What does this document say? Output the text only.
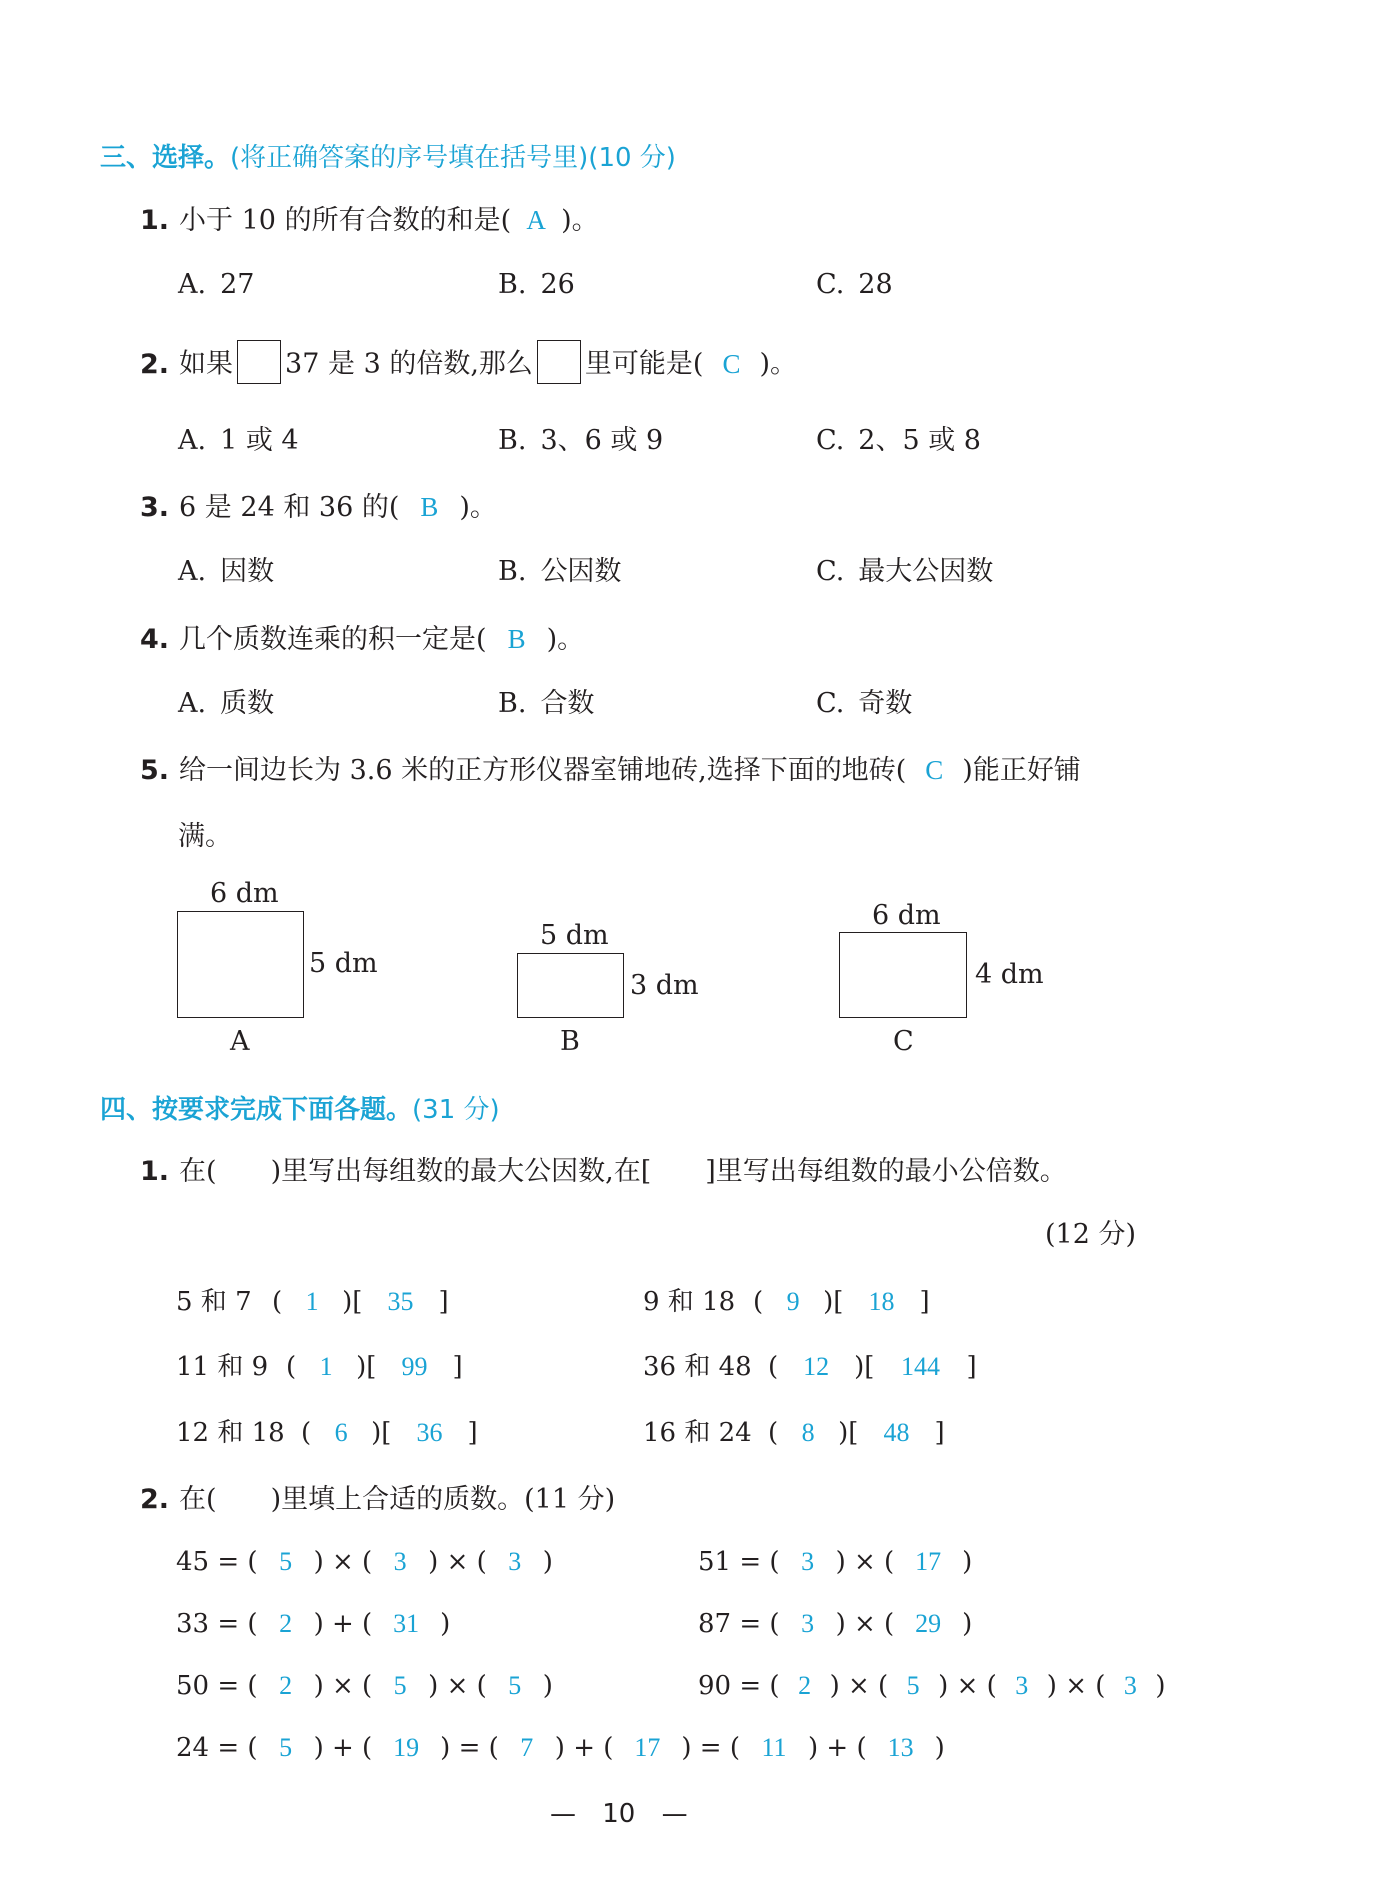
三、选择。(将正确答案的序号填在括号里)(10 分)
1. 小于 10 的所有合数的和是( A )。
A. 27	B. 26	C. 28
2. 如果 37 是 3 的倍数,那么 里可能是( C )。
A. 1 或 4	B. 3、6 或 9	C. 2、5 或 8
3. 6 是 24 和 36 的( B )。
A. 因数	B. 公因数	C. 最大公因数
4. 几个质数连乘的积一定是( B )。
A. 质数	B. 合数	C. 奇数
5. 给一间边长为 3.6 米的正方形仪器室铺地砖,选择下面的地砖( C )能正好铺
满。
6 dm
5 dm
A
5 dm
3 dm
B
6 dm
4 dm
C
四、按要求完成下面各题。(31 分)
1. 在(　　)里写出每组数的最大公因数,在[　　]里写出每组数的最小公倍数。
(12 分)
5 和 7 ( 1 )[ 35 ]	9 和 18 ( 9 )[ 18 ]
11 和 9 ( 1 )[ 99 ]	36 和 48 ( 12 )[ 144 ]
12 和 18 ( 6 )[ 36 ]	16 和 24 ( 8 )[ 48 ]
2. 在(　　)里填上合适的质数。(11 分)
45 = ( 5 ) × ( 3 ) × ( 3 )	51 = ( 3 ) × ( 17 )
33 = ( 2 ) + ( 31 )	87 = ( 3 ) × ( 29 )
50 = ( 2 ) × ( 5 ) × ( 5 )	90 = ( 2 ) × ( 5 ) × ( 3 ) × ( 3 )
24 = ( 5 ) + ( 19 ) = ( 7 ) + ( 17 ) = ( 11 ) + ( 13 )
— 10 —
